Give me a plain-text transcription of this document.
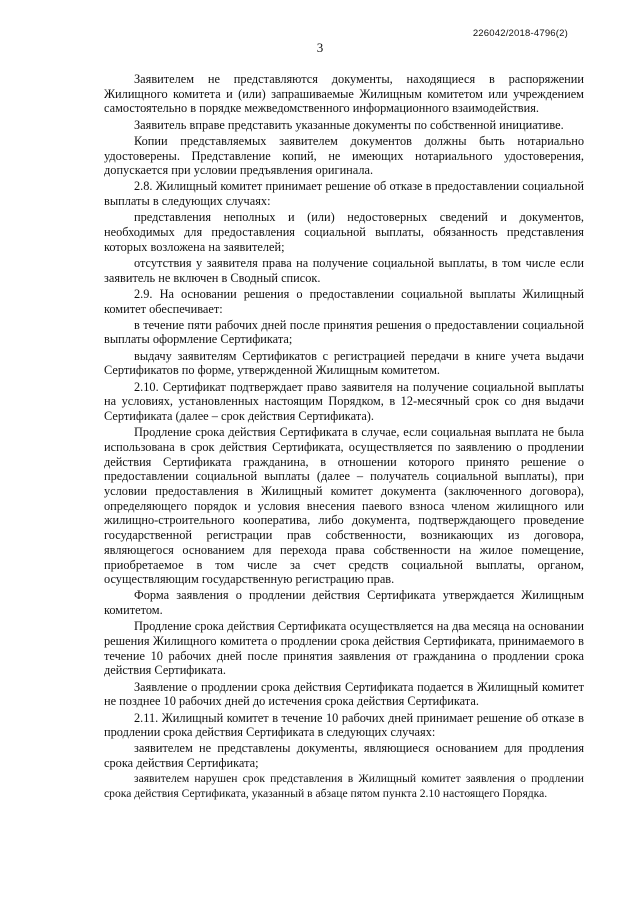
226042/2018-4796(2)
3

Заявителем не представляются документы, находящиеся в распоряжении Жилищного комитета и (или) запрашиваемые Жилищным комитетом или учреждением самостоятельно в порядке межведомственного информационного взаимодействия.

Заявитель вправе представить указанные документы по собственной инициативе.

Копии представляемых заявителем документов должны быть нотариально удостоверены. Представление копий, не имеющих нотариального удостоверения, допускается при условии предъявления оригинала.

2.8. Жилищный комитет принимает решение об отказе в предоставлении социальной выплаты в следующих случаях:

представления неполных и (или) недостоверных сведений и документов, необходимых для предоставления социальной выплаты, обязанность представления которых возложена на заявителей;

отсутствия у заявителя права на получение социальной выплаты, в том числе если заявитель не включен в Сводный список.

2.9. На основании решения о предоставлении социальной выплаты Жилищный комитет обеспечивает:

в течение пяти рабочих дней после принятия решения о предоставлении социальной выплаты оформление Сертификата;

выдачу заявителям Сертификатов с регистрацией передачи в книге учета выдачи Сертификатов по форме, утвержденной Жилищным комитетом.

2.10. Сертификат подтверждает право заявителя на получение социальной выплаты на условиях, установленных настоящим Порядком, в 12-месячный срок со дня выдачи Сертификата (далее – срок действия Сертификата).

Продление срока действия Сертификата в случае, если социальная выплата не была использована в срок действия Сертификата, осуществляется по заявлению о продлении действия Сертификата гражданина, в отношении которого принято решение о предоставлении социальной выплаты (далее – получатель социальной выплаты), при условии предоставления в Жилищный комитет документа (заключенного договора), определяющего порядок и условия внесения паевого взноса членом жилищного или жилищно-строительного кооператива, либо документа, подтверждающего проведение государственной регистрации прав собственности, возникающих из договора, являющегося основанием для перехода права собственности на жилое помещение, приобретаемое в том числе за счет средств социальной выплаты, органом, осуществляющим государственную регистрацию прав.

Форма заявления о продлении действия Сертификата утверждается Жилищным комитетом.

Продление срока действия Сертификата осуществляется на два месяца на основании решения Жилищного комитета о продлении срока действия Сертификата, принимаемого в течение 10 рабочих дней после принятия заявления от гражданина о продлении срока действия Сертификата.

Заявление о продлении срока действия Сертификата подается в Жилищный комитет не позднее 10 рабочих дней до истечения срока действия Сертификата.

2.11. Жилищный комитет в течение 10 рабочих дней принимает решение об отказе в продлении срока действия Сертификата в следующих случаях:

заявителем не представлены документы, являющиеся основанием для продления срока действия Сертификата;

заявителем нарушен срок представления в Жилищный комитет заявления о продлении срока действия Сертификата, указанный в абзаце пятом пункта 2.10 настоящего Порядка.
